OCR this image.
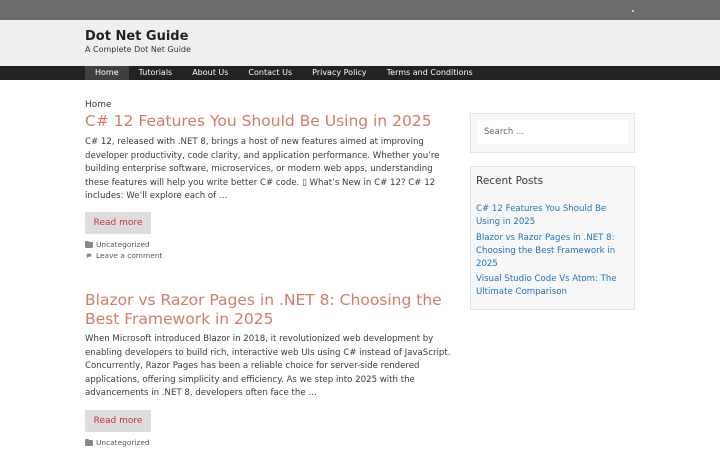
Dot Net Guide
A Complete Dot Net Guide
Home	Tutorials	About Us	Contact Us	Privacy Policy	Terms and Conditions
Home
C# 12 Features You Should Be Using in 2025

C# 12, released with .NET 8, brings a host of new features aimed at improving developer productivity, code clarity, and application performance. Whether you’re building enterprise software, microservices, or modern web apps, understanding these features will help you write better C# code. ▯ What’s New in C# 12? C# 12 includes: We’ll explore each of …

Read more
Uncategorized
Leave a comment
Blazor vs Razor Pages in .NET 8: Choosing the Best Framework in 2025

When Microsoft introduced Blazor in 2018, it revolutionized web development by enabling developers to build rich, interactive web UIs using C# instead of JavaScript. Concurrently, Razor Pages has been a reliable choice for server-side rendered applications, offering simplicity and efficiency. As we step into 2025 with the advancements in .NET 8, developers often face the …

Read more
Uncategorized
Search ...
Recent Posts
C# 12 Features You Should Be Using in 2025
Blazor vs Razor Pages in .NET 8: Choosing the Best Framework in 2025
Visual Studio Code Vs Atom: The Ultimate Comparison
